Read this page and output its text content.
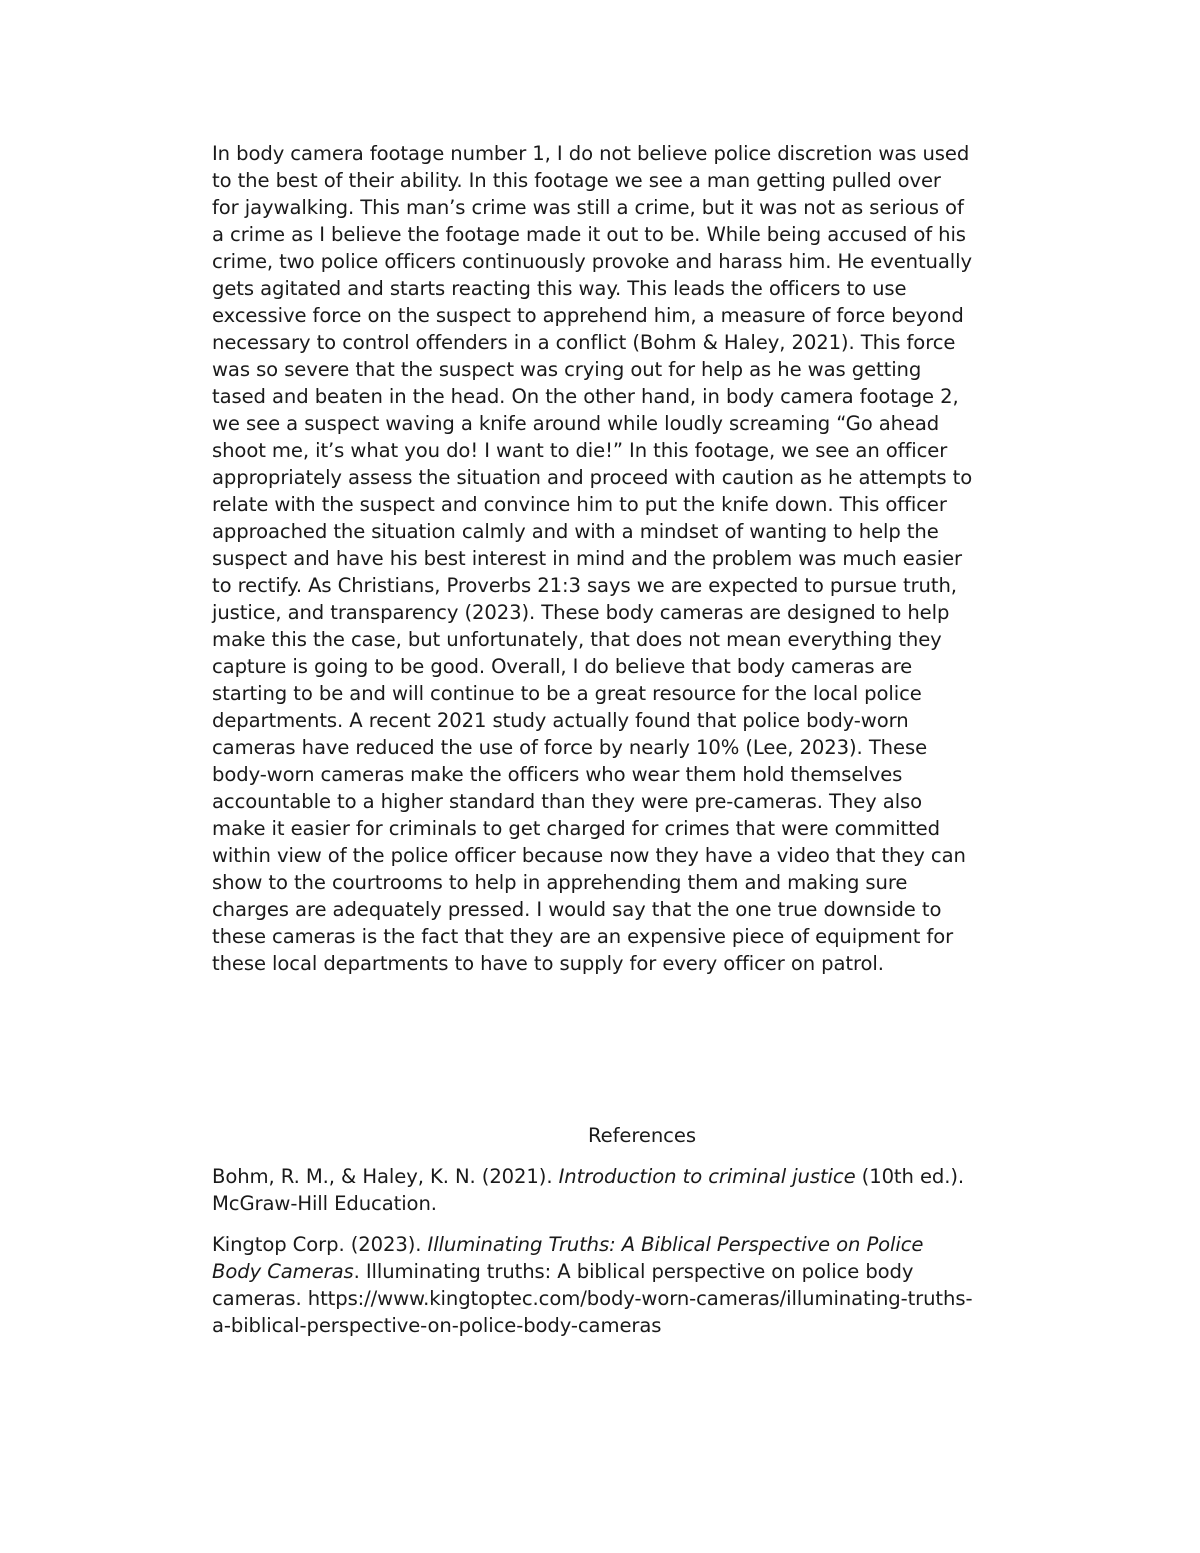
In body camera footage number 1, I do not believe police discretion was used
to the best of their ability. In this footage we see a man getting pulled over
for jaywalking. This man’s crime was still a crime, but it was not as serious of
a crime as I believe the footage made it out to be. While being accused of his
crime, two police officers continuously provoke and harass him. He eventually
gets agitated and starts reacting this way. This leads the officers to use
excessive force on the suspect to apprehend him, a measure of force beyond
necessary to control offenders in a conflict (Bohm & Haley, 2021). This force
was so severe that the suspect was crying out for help as he was getting
tased and beaten in the head. On the other hand, in body camera footage 2,
we see a suspect waving a knife around while loudly screaming “Go ahead
shoot me, it’s what you do! I want to die!” In this footage, we see an officer
appropriately assess the situation and proceed with caution as he attempts to
relate with the suspect and convince him to put the knife down. This officer
approached the situation calmly and with a mindset of wanting to help the
suspect and have his best interest in mind and the problem was much easier
to rectify. As Christians, Proverbs 21:3 says we are expected to pursue truth,
justice, and transparency (2023). These body cameras are designed to help
make this the case, but unfortunately, that does not mean everything they
capture is going to be good. Overall, I do believe that body cameras are
starting to be and will continue to be a great resource for the local police
departments. A recent 2021 study actually found that police body-worn
cameras have reduced the use of force by nearly 10% (Lee, 2023). These
body-worn cameras make the officers who wear them hold themselves
accountable to a higher standard than they were pre-cameras. They also
make it easier for criminals to get charged for crimes that were committed
within view of the police officer because now they have a video that they can
show to the courtrooms to help in apprehending them and making sure
charges are adequately pressed. I would say that the one true downside to
these cameras is the fact that they are an expensive piece of equipment for
these local departments to have to supply for every officer on patrol.

References
Bohm, R. M., & Haley, K. N. (2021). Introduction to criminal justice (10th ed.).
McGraw-Hill Education.
Kingtop Corp. (2023). Illuminating Truths: A Biblical Perspective on Police
Body Cameras. Illuminating truths: A biblical perspective on police body
cameras. https://www.kingtoptec.com/body-worn-cameras/illuminating-truths-
a-biblical-perspective-on-police-body-cameras
